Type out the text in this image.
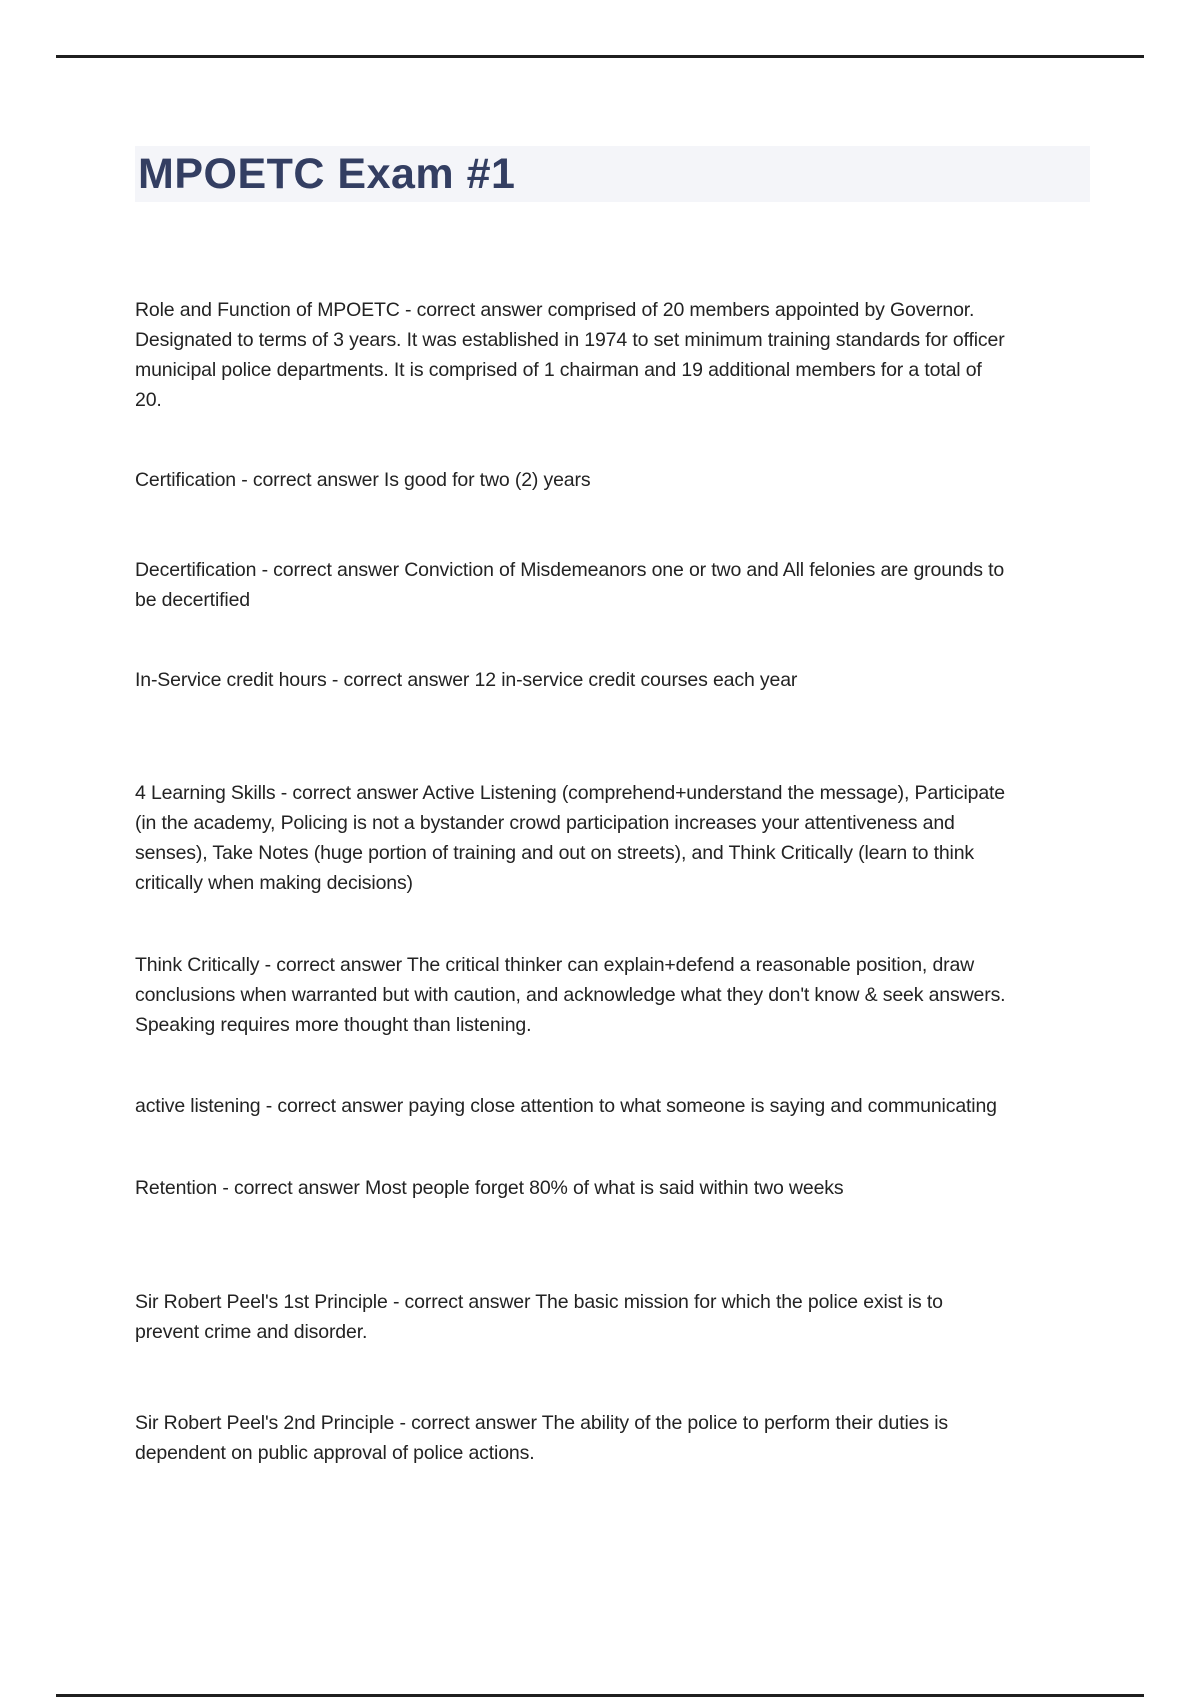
MPOETC Exam #1

Role and Function of MPOETC - correct answer comprised of 20 members appointed by Governor. Designated to terms of 3 years. It was established in 1974 to set minimum training standards for officer municipal police departments. It is comprised of 1 chairman and 19 additional members for a total of 20.

Certification - correct answer Is good for two (2) years

Decertification - correct answer Conviction of Misdemeanors one or two and All felonies are grounds to be decertified

In-Service credit hours - correct answer 12 in-service credit courses each year

4 Learning Skills - correct answer Active Listening (comprehend+understand the message), Participate (in the academy, Policing is not a bystander crowd participation increases your attentiveness and senses), Take Notes (huge portion of training and out on streets), and Think Critically (learn to think critically when making decisions)

Think Critically - correct answer The critical thinker can explain+defend a reasonable position, draw conclusions when warranted but with caution, and acknowledge what they don't know & seek answers. Speaking requires more thought than listening.

active listening - correct answer paying close attention to what someone is saying and communicating

Retention - correct answer Most people forget 80% of what is said within two weeks

Sir Robert Peel's 1st Principle - correct answer The basic mission for which the police exist is to prevent crime and disorder.

Sir Robert Peel's 2nd Principle - correct answer The ability of the police to perform their duties is dependent on public approval of police actions.
